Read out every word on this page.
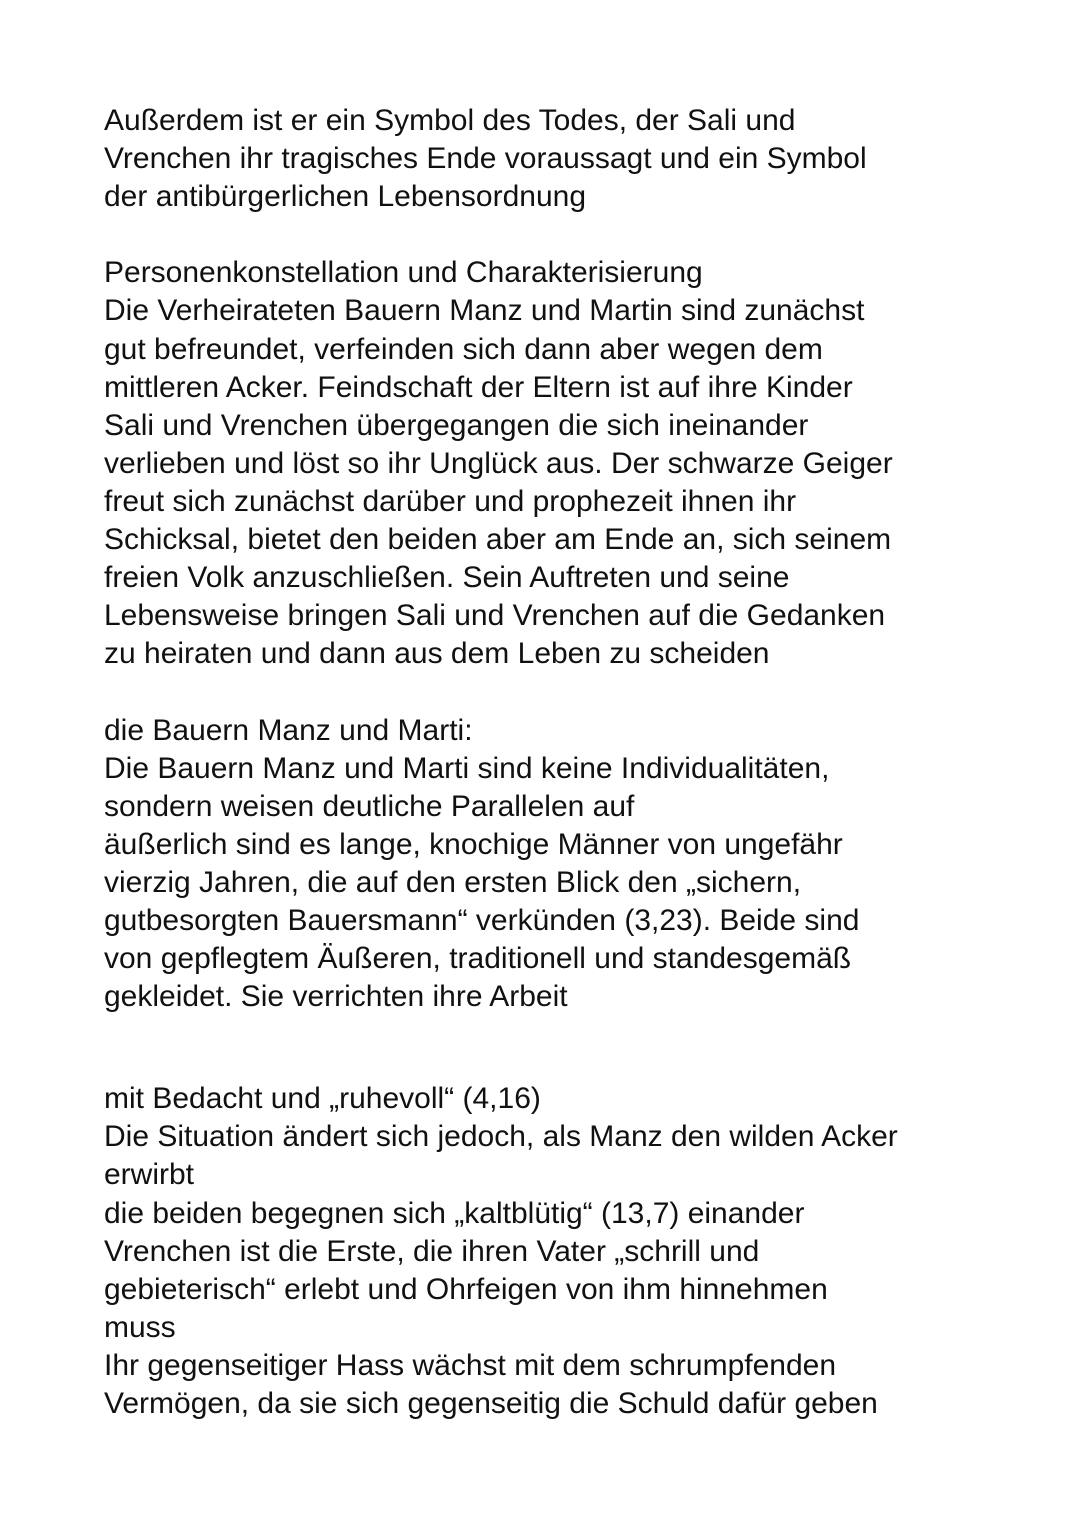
Außerdem ist er ein Symbol des Todes, der Sali und
Vrenchen ihr tragisches Ende voraussagt und ein Symbol
der antibürgerlichen Lebensordnung
Personenkonstellation und Charakterisierung
Die Verheirateten Bauern Manz und Martin sind zunächst
gut befreundet, verfeinden sich dann aber wegen dem
mittleren Acker. Feindschaft der Eltern ist auf ihre Kinder
Sali und Vrenchen übergegangen die sich ineinander
verlieben und löst so ihr Unglück aus. Der schwarze Geiger
freut sich zunächst darüber und prophezeit ihnen ihr
Schicksal, bietet den beiden aber am Ende an, sich seinem
freien Volk anzuschließen. Sein Auftreten und seine
Lebensweise bringen Sali und Vrenchen auf die Gedanken
zu heiraten und dann aus dem Leben zu scheiden
die Bauern Manz und Marti:
Die Bauern Manz und Marti sind keine Individualitäten,
sondern weisen deutliche Parallelen auf
äußerlich sind es lange, knochige Männer von ungefähr
vierzig Jahren, die auf den ersten Blick den „sichern,
gutbesorgten Bauersmann“ verkünden (3,23). Beide sind
von gepflegtem Äußeren, traditionell und standesgemäß
gekleidet. Sie verrichten ihre Arbeit
mit Bedacht und „ruhevoll“ (4,16)
Die Situation ändert sich jedoch, als Manz den wilden Acker
erwirbt
die beiden begegnen sich „kaltblütig“ (13,7) einander
Vrenchen ist die Erste, die ihren Vater „schrill und
gebieterisch“ erlebt und Ohrfeigen von ihm hinnehmen
muss
Ihr gegenseitiger Hass wächst mit dem schrumpfenden
Vermögen, da sie sich gegenseitig die Schuld dafür geben
